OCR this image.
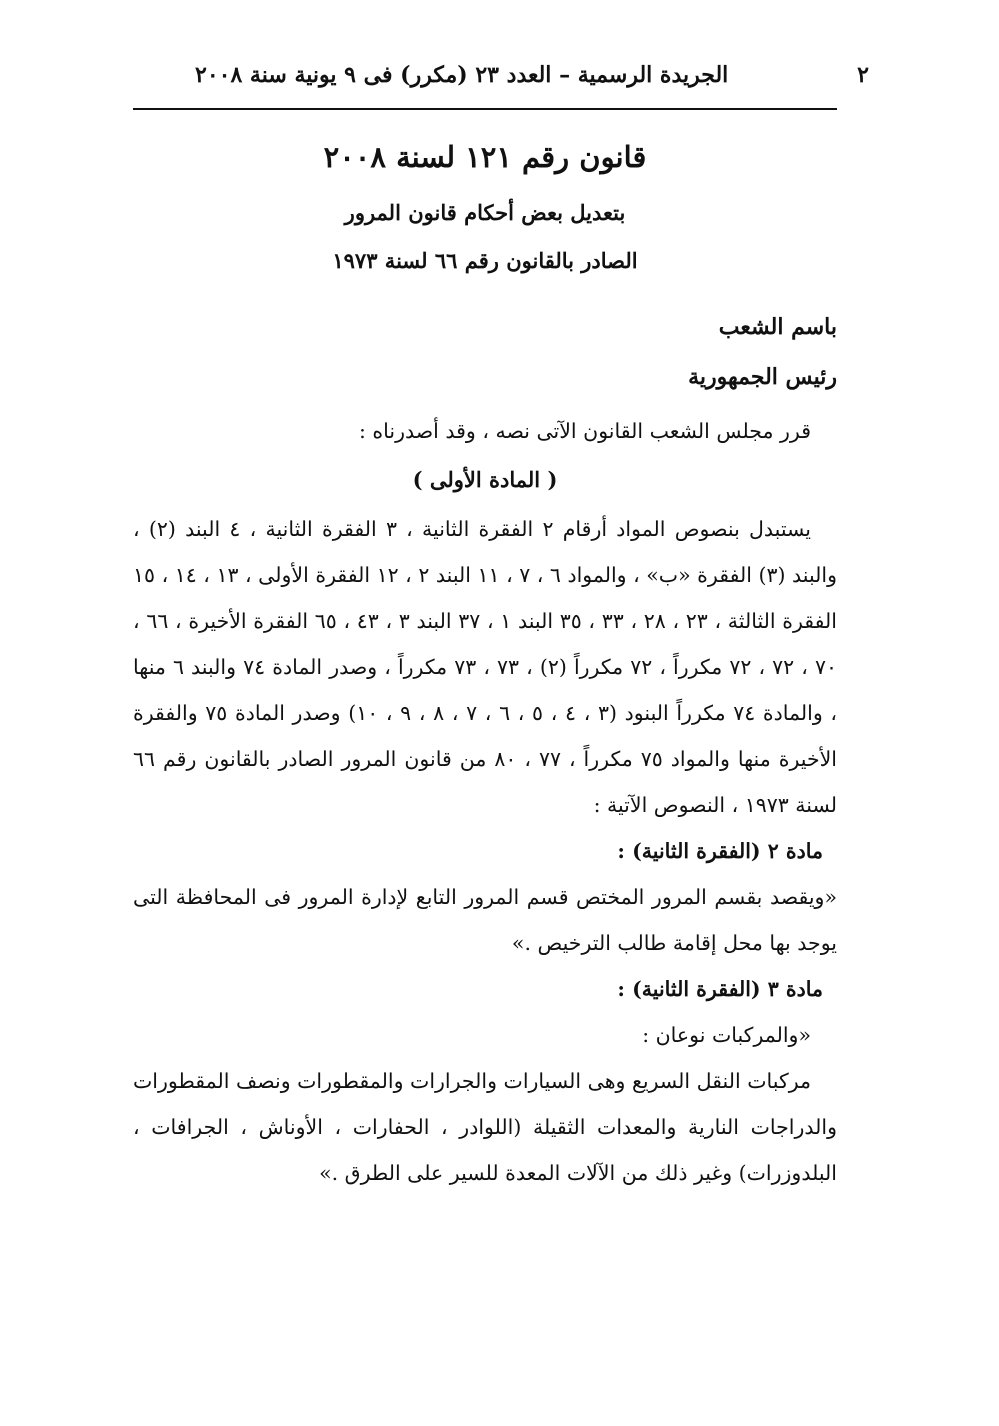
٢
الجريدة الرسمية – العدد ٢٣ (مكرر) فى ٩ يونية سنة ٢٠٠٨

قانون رقم ١٢١ لسنة ٢٠٠٨

بتعديل بعض أحكام قانون المرور

الصادر بالقانون رقم ٦٦ لسنة ١٩٧٣

باسم الشعب

رئيس الجمهورية

قرر مجلس الشعب القانون الآتى نصه ، وقد أصدرناه :

( المادة الأولى )

يستبدل بنصوص المواد أرقام ٢ الفقرة الثانية ، ٣ الفقرة الثانية ، ٤ البند (٢) ، والبند (٣) الفقرة «ب» ، والمواد ٦ ، ٧ ، ١١ البند ٢ ، ١٢ الفقرة الأولى ، ١٣ ، ١٤ ، ١٥ الفقرة الثالثة ، ٢٣ ، ٢٨ ، ٣٣ ، ٣٥ البند ١ ، ٣٧ البند ٣ ، ٤٣ ، ٦٥ الفقرة الأخيرة ، ٦٦ ، ٧٠ ، ٧٢ ، ٧٢ مكرراً ، ٧٢ مكرراً (٢) ، ٧٣ ، ٧٣ مكرراً ، وصدر المادة ٧٤ والبند ٦ منها ، والمادة ٧٤ مكرراً البنود (٣ ، ٤ ، ٥ ، ٦ ، ٧ ، ٨ ، ٩ ، ١٠) وصدر المادة ٧٥ والفقرة الأخيرة منها والمواد ٧٥ مكرراً ، ٧٧ ، ٨٠ من قانون المرور الصادر بالقانون رقم ٦٦ لسنة ١٩٧٣ ، النصوص الآتية :

مادة ٢ (الفقرة الثانية) :

«ويقصد بقسم المرور المختص قسم المرور التابع لإدارة المرور فى المحافظة التى يوجد بها محل إقامة طالب الترخيص .»

مادة ٣ (الفقرة الثانية) :

«والمركبات نوعان :

مركبات النقل السريع وهى السيارات والجرارات والمقطورات ونصف المقطورات والدراجات النارية والمعدات الثقيلة (اللوادر ، الحفارات ، الأوناش ، الجرافات ، البلدوزرات) وغير ذلك من الآلات المعدة للسير على الطرق .»
